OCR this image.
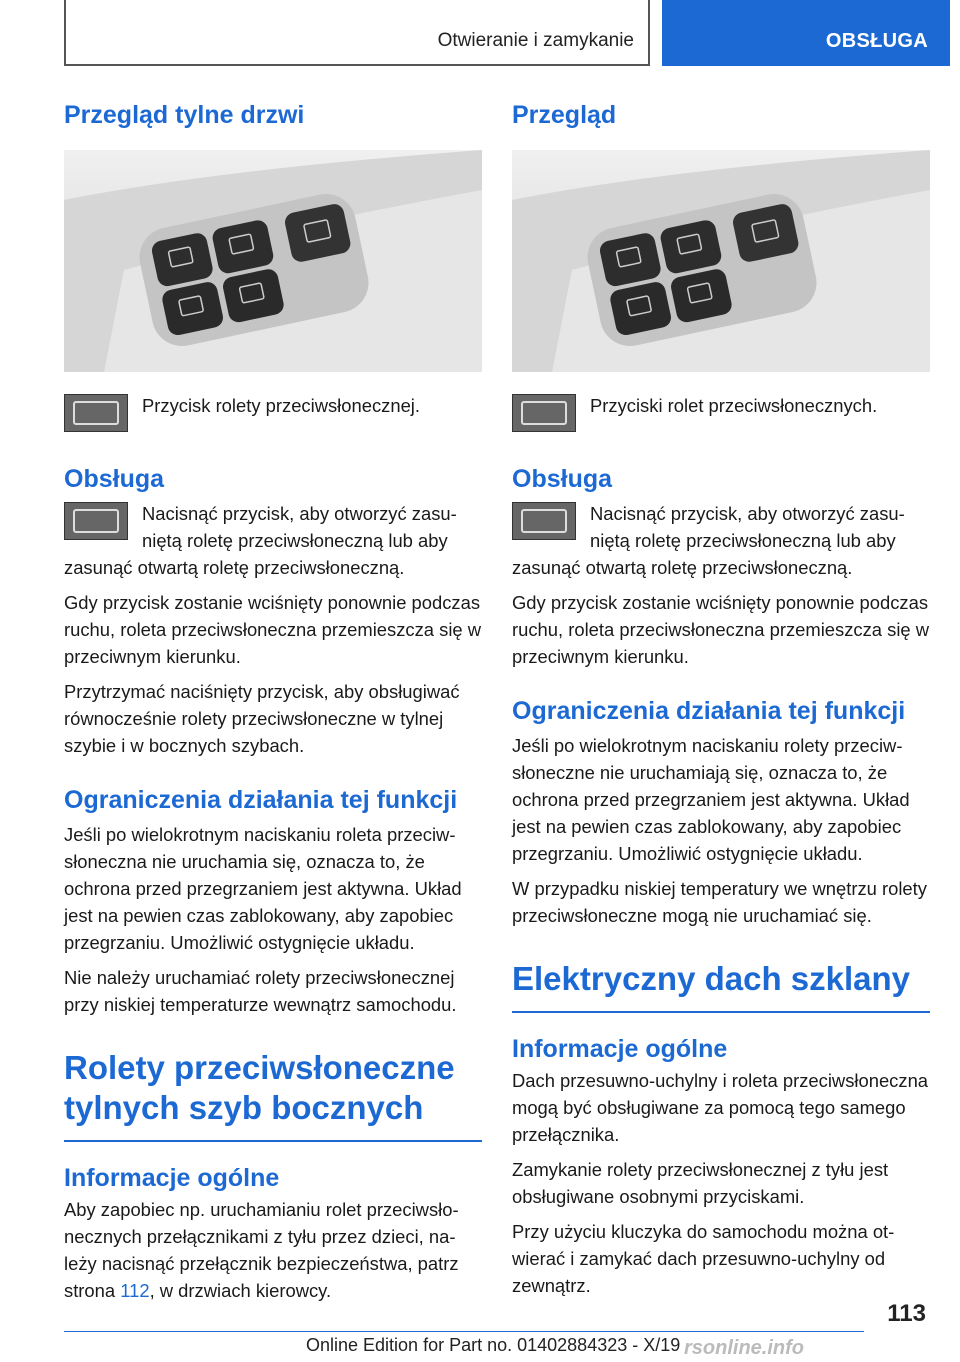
Otwieranie i zamykanie	OBSŁUGA
Przegląd tylne drzwi
Przycisk rolety przeciwsłonecznej.
Obsługa
Nacisnąć przycisk, aby otworzyć zasuniętą roletę przeciwsłoneczną lub aby zasunąć otwartą roletę przeciwsłoneczną.
Gdy przycisk zostanie wciśnięty ponownie podczas ruchu, roleta przeciwsłoneczna przemieszcza się w przeciwnym kierunku.
Przytrzymać naciśnięty przycisk, aby obsługiwać równocześnie rolety przeciwsłoneczne w tylnej szybie i w bocznych szybach.
Ograniczenia działania tej funkcji
Jeśli po wielokrotnym naciskaniu roleta przeciwsłoneczna nie uruchamia się, oznacza to, że ochrona przed przegrzaniem jest aktywna. Układ jest na pewien czas zablokowany, aby zapobiec przegrzaniu. Umożliwić ostygnięcie układu.
Nie należy uruchamiać rolety przeciwsłonecznej przy niskiej temperaturze wewnątrz samochodu.
Rolety przeciwsłoneczne tylnych szyb bocznych
Informacje ogólne
Aby zapobiec np. uruchamianiu rolet przeciwsłonecznych przełącznikami z tyłu przez dzieci, należy nacisnąć przełącznik bezpieczeństwa, patrz strona 112, w drzwiach kierowcy.
Przegląd
Przyciski rolet przeciwsłonecznych.
Obsługa
Nacisnąć przycisk, aby otworzyć zasuniętą roletę przeciwsłoneczną lub aby zasunąć otwartą roletę przeciwsłoneczną.
Gdy przycisk zostanie wciśnięty ponownie podczas ruchu, roleta przeciwsłoneczna przemieszcza się w przeciwnym kierunku.
Ograniczenia działania tej funkcji
Jeśli po wielokrotnym naciskaniu rolety przeciwsłoneczne nie uruchamiają się, oznacza to, że ochrona przed przegrzaniem jest aktywna. Układ jest na pewien czas zablokowany, aby zapobiec przegrzaniu. Umożliwić ostygnięcie układu.
W przypadku niskiej temperatury we wnętrzu rolety przeciwsłoneczne mogą nie uruchamiać się.
Elektryczny dach szklany
Informacje ogólne
Dach przesuwno-uchylny i roleta przeciwsłoneczna mogą być obsługiwane za pomocą tego samego przełącznika.
Zamykanie rolety przeciwsłonecznej z tyłu jest obsługiwane osobnymi przyciskami.
Przy użyciu kluczyka do samochodu można otwierać i zamykać dach przesuwno-uchylny od zewnątrz.
113
Online Edition for Part no. 01402884323 - X/19 rsonline.info
